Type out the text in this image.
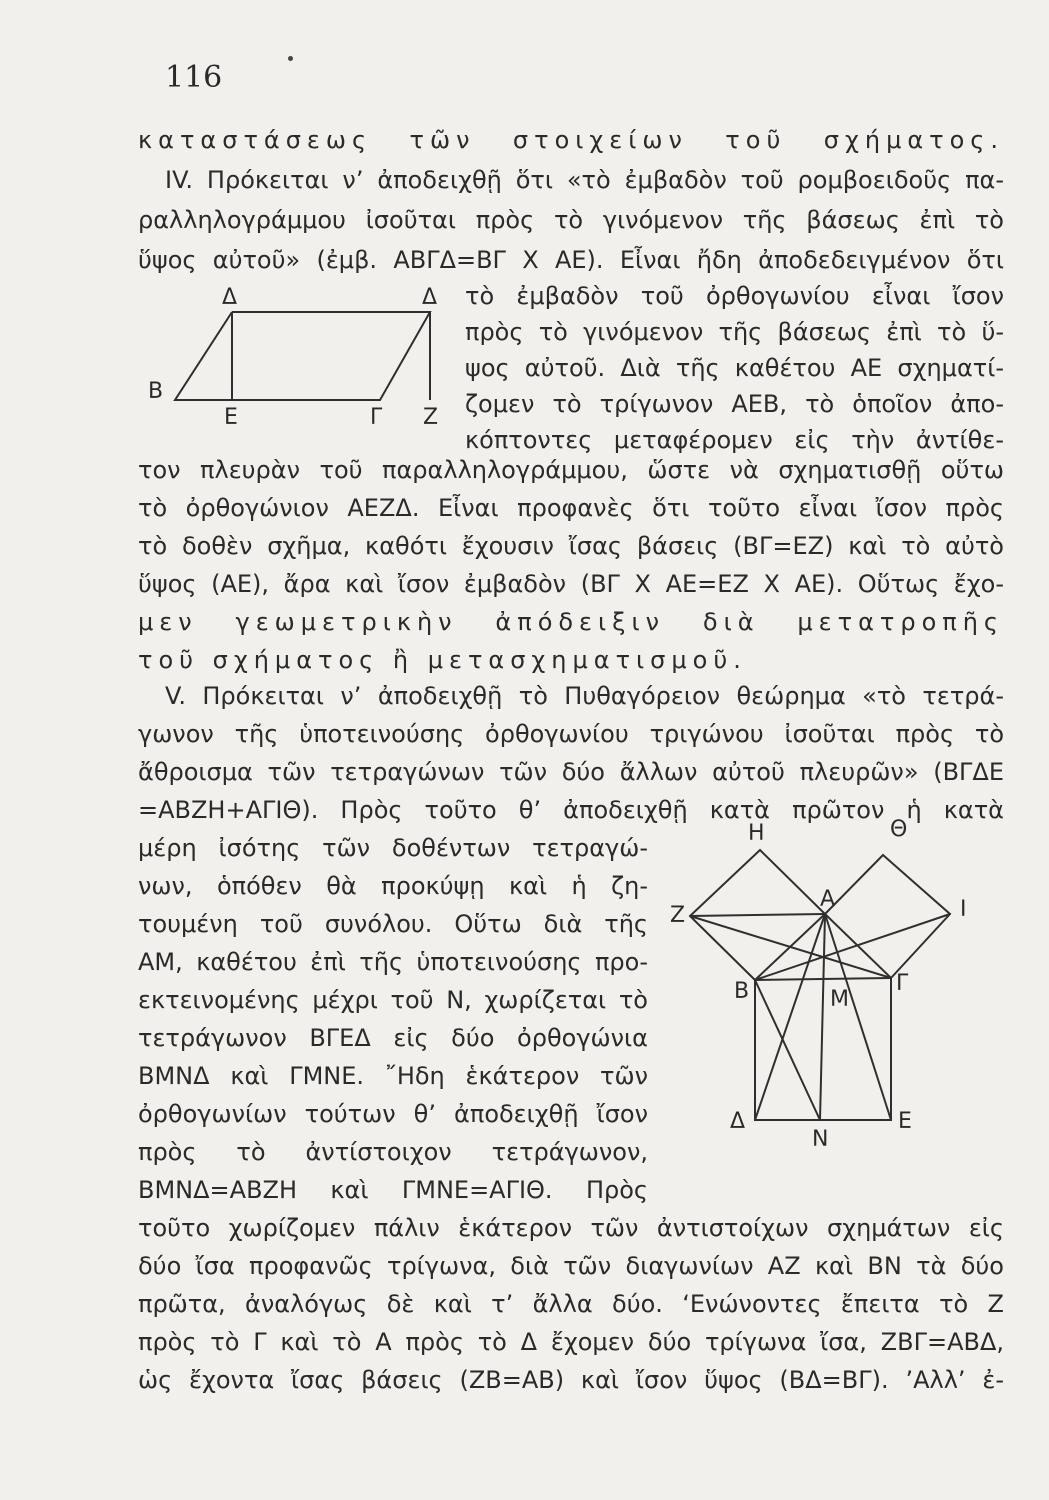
116
καταστάσεως τῶν στοιχείων τοῦ σχήματος.
IV. Πρόκειται ν’ ἀποδειχθῇ ὅτι «τὸ ἐμβαδὸν τοῦ ρομβοειδοῦς πα-
ραλληλογράμμου ἰσοῦται πρὸς τὸ γινόμενον τῆς βάσεως ἐπὶ τὸ
ὕψος αὐτοῦ» (ἐμβ. ΑΒΓΔ=ΒΓ Χ ΑΕ). Εἶναι ἤδη ἀποδεδειγμένον ὅτι
τὸ ἐμβαδὸν τοῦ ὀρθογωνίου εἶναι ἴσον
πρὸς τὸ γινόμενον τῆς βάσεως ἐπὶ τὸ ὕ-
ψος αὐτοῦ. Διὰ τῆς καθέτου ΑΕ σχηματί-
ζομεν τὸ τρίγωνον ΑΕΒ, τὸ ὁποῖον ἀπο-
κόπτοντες μεταφέρομεν εἰς τὴν ἀντίθε-
τον πλευρὰν τοῦ παραλληλογράμμου, ὥστε νὰ σχηματισθῇ οὕτω
τὸ ὀρθογώνιον ΑΕΖΔ. Εἶναι προφανὲς ὅτι τοῦτο εἶναι ἴσον πρὸς
τὸ δοθὲν σχῆμα, καθότι ἔχουσιν ἴσας βάσεις (ΒΓ=ΕΖ) καὶ τὸ αὐτὸ
ὕψος (ΑΕ), ἄρα καὶ ἴσον ἐμβαδὸν (ΒΓ Χ ΑΕ=ΕΖ Χ ΑΕ). Οὕτως ἔχο-
μεν γεωμετρικὴν ἀπόδειξιν διὰ μετατροπῆς
τοῦ σχήματος ἢ μετασχηματισμοῦ.
V. Πρόκειται ν’ ἀποδειχθῇ τὸ Πυθαγόρειον θεώρημα «τὸ τετρά-
γωνον τῆς ὑποτεινούσης ὀρθογωνίου τριγώνου ἰσοῦται πρὸς τὸ
ἄθροισμα τῶν τετραγώνων τῶν δύο ἄλλων αὐτοῦ πλευρῶν» (ΒΓΔΕ
=ΑΒΖΗ+ΑΓΙΘ). Πρὸς τοῦτο θ’ ἀποδειχθῇ κατὰ πρῶτον ἡ κατὰ
μέρη ἰσότης τῶν δοθέντων τετραγώ-
νων, ὁπόθεν θὰ προκύψῃ καὶ ἡ ζη-
τουμένη τοῦ συνόλου. Οὕτω διὰ τῆς
ΑΜ, καθέτου ἐπὶ τῆς ὑποτεινούσης προ-
εκτεινομένης μέχρι τοῦ Ν, χωρίζεται τὸ
τετράγωνον ΒΓΕΔ εἰς δύο ὀρθογώνια
ΒΜΝΔ καὶ ΓΜΝΕ. ῎Ηδη ἑκάτερον τῶν
ὀρθογωνίων τούτων θ’ ἀποδειχθῇ ἴσον
πρὸς τὸ ἀντίστοιχον τετράγωνον,
ΒΜΝΔ=ΑΒΖΗ καὶ ΓΜΝΕ=ΑΓΙΘ. Πρὸς
τοῦτο χωρίζομεν πάλιν ἑκάτερον τῶν ἀντιστοίχων σχημάτων εἰς
δύο ἴσα προφανῶς τρίγωνα, διὰ τῶν διαγωνίων ΑΖ καὶ ΒΝ τὰ δύο
πρῶτα, ἀναλόγως δὲ καὶ τ’ ἄλλα δύο. ‘Ενώνοντες ἔπειτα τὸ Ζ
πρὸς τὸ Γ καὶ τὸ Α πρὸς τὸ Δ ἔχομεν δύο τρίγωνα ἴσα, ΖΒΓ=ΑΒΔ,
ὡς ἔχοντα ἴσας βάσεις (ΖΒ=ΑΒ) καὶ ἴσον ὕψος (ΒΔ=ΒΓ). ’Αλλ’ ἐ-
Δ	Δ
Β
Ε	Γ Ζ
Η	Θ
Ζ
Α	Ι
Β	Μ
Γ
Δ
Ν
Ε
